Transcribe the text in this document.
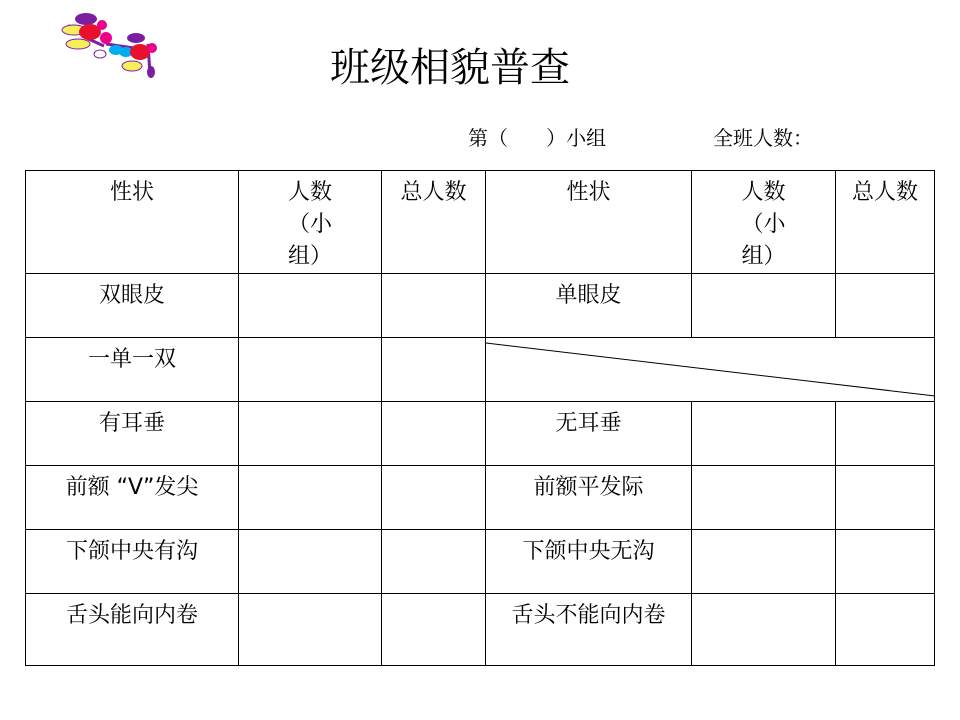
班级相貌普查
第（      ）小组	全班人数：
性状	人数（小组）	总人数	性状	人数（小组）	总人数
双眼皮			单眼皮		
一单一双			

有耳垂			无耳垂		
前额 “V”发尖			前额平发际		
下颌中央有沟			下颌中央无沟		
舌头能向内卷			舌头不能向内卷		
